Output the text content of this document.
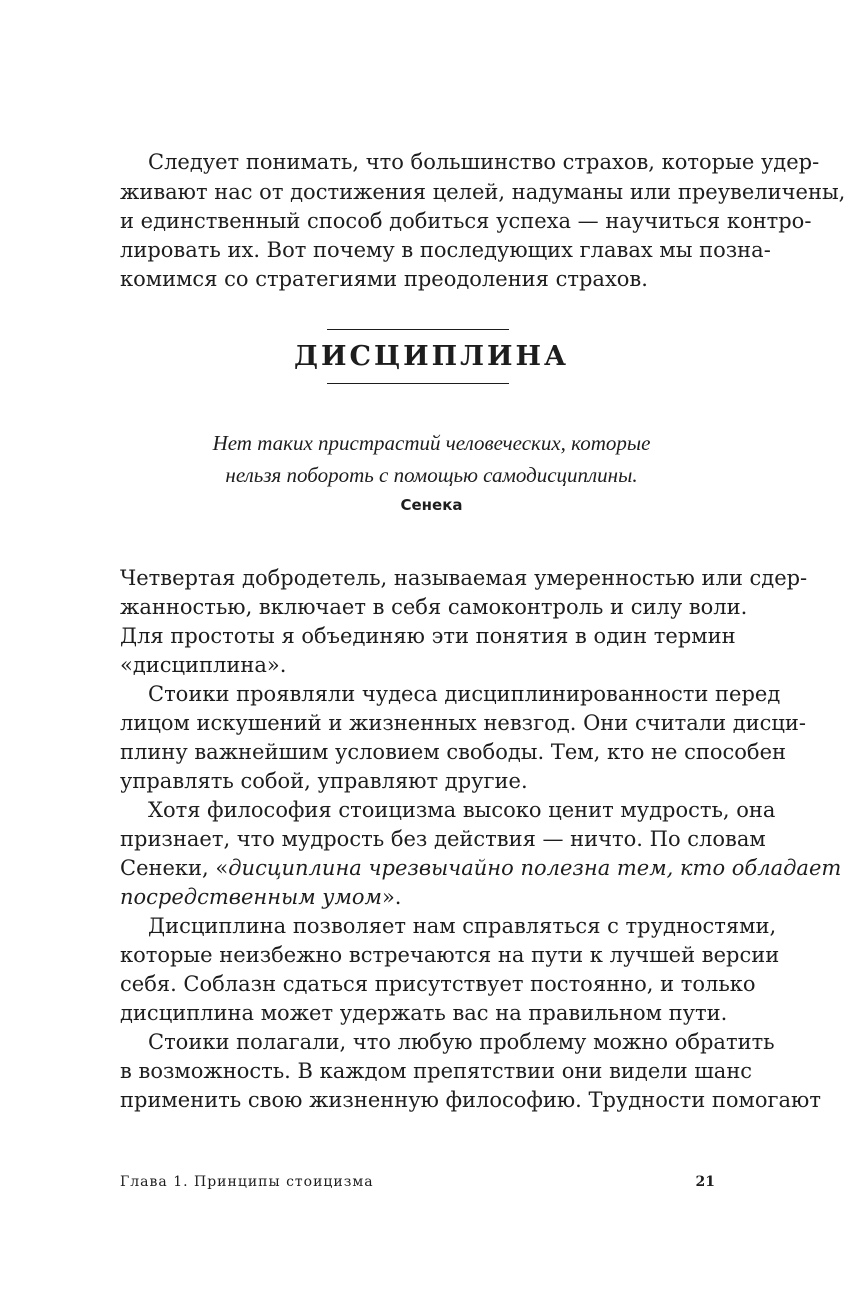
Следует понимать, что большинство страхов, которые удер-
живают нас от достижения целей, надуманы или преувеличены,
и единственный способ добиться успеха — научиться контро-
лировать их. Вот почему в последующих главах мы позна-
комимся со стратегиями преодоления страхов.
ДИСЦИПЛИНА
Нет таких пристрастий человеческих, которые
нельзя побороть с помощью самодисциплины.
Сенека
Четвертая добродетель, называемая умеренностью или сдер-
жанностью, включает в себя самоконтроль и силу воли.
Для простоты я объединяю эти понятия в один термин
«дисциплина».
Стоики проявляли чудеса дисциплинированности перед
лицом искушений и жизненных невзгод. Они считали дисци-
плину важнейшим условием свободы. Тем, кто не способен
управлять собой, управляют другие.
Хотя философия стоицизма высоко ценит мудрость, она
признает, что мудрость без действия — ничто. По словам
Сенеки, «дисциплина чрезвычайно полезна тем, кто обладает
посредственным умом».
Дисциплина позволяет нам справляться с трудностями,
которые неизбежно встречаются на пути к лучшей версии
себя. Соблазн сдаться присутствует постоянно, и только
дисциплина может удержать вас на правильном пути.
Стоики полагали, что любую проблему можно обратить
в возможность. В каждом препятствии они видели шанс
применить свою жизненную философию. Трудности помогают
Глава 1. Принципы стоицизма	21
